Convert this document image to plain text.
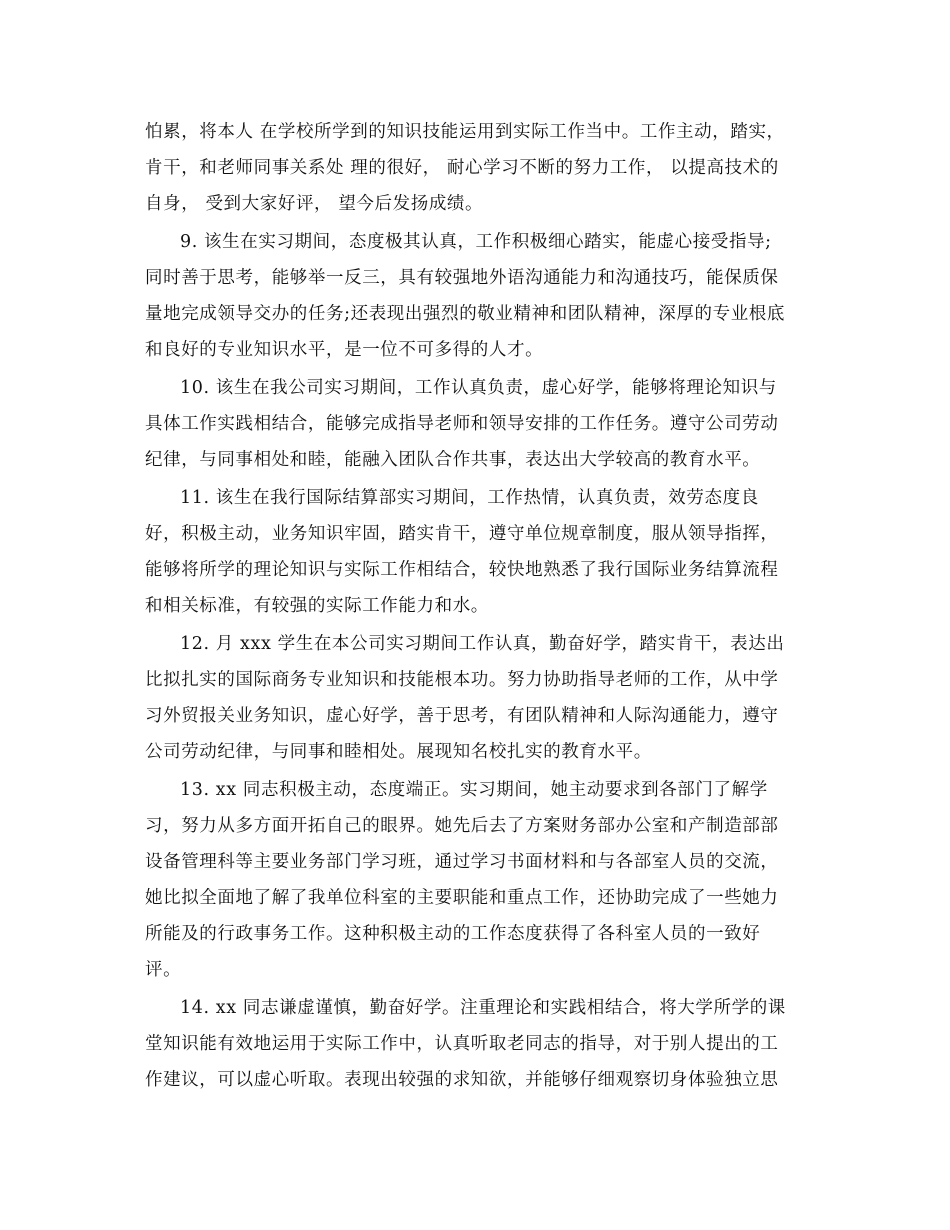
怕累，将本人 在学校所学到的知识技能运用到实际工作当中。工作主动，踏实，

肯干，和老师同事关系处 理的很好， 耐心学习不断的努力工作， 以提高技术的

自身， 受到大家好评， 望今后发扬成绩。

9. 该生在实习期间，态度极其认真，工作积极细心踏实，能虚心接受指导;

同时善于思考，能够举一反三，具有较强地外语沟通能力和沟通技巧，能保质保

量地完成领导交办的任务;还表现出强烈的敬业精神和团队精神，深厚的专业根底

和良好的专业知识水平，是一位不可多得的人才。

10. 该生在我公司实习期间，工作认真负责，虚心好学，能够将理论知识与

具体工作实践相结合，能够完成指导老师和领导安排的工作任务。遵守公司劳动

纪律，与同事相处和睦，能融入团队合作共事，表达出大学较高的教育水平。

11. 该生在我行国际结算部实习期间，工作热情，认真负责，效劳态度良

好，积极主动，业务知识牢固，踏实肯干，遵守单位规章制度，服从领导指挥，

能够将所学的理论知识与实际工作相结合，较快地熟悉了我行国际业务结算流程

和相关标准，有较强的实际工作能力和水。

12. 月 xxx 学生在本公司实习期间工作认真，勤奋好学，踏实肯干，表达出

比拟扎实的国际商务专业知识和技能根本功。努力协助指导老师的工作，从中学

习外贸报关业务知识，虚心好学，善于思考，有团队精神和人际沟通能力，遵守

公司劳动纪律，与同事和睦相处。展现知名校扎实的教育水平。

13. xx 同志积极主动，态度端正。实习期间，她主动要求到各部门了解学

习，努力从多方面开拓自己的眼界。她先后去了方案财务部办公室和产制造部部

设备管理科等主要业务部门学习班，通过学习书面材料和与各部室人员的交流，

她比拟全面地了解了我单位科室的主要职能和重点工作，还协助完成了一些她力

所能及的行政事务工作。这种积极主动的工作态度获得了各科室人员的一致好

评。

14. xx 同志谦虚谨慎，勤奋好学。注重理论和实践相结合，将大学所学的课

堂知识能有效地运用于实际工作中，认真听取老同志的指导，对于别人提出的工

作建议，可以虚心听取。表现出较强的求知欲，并能够仔细观察切身体验独立思
